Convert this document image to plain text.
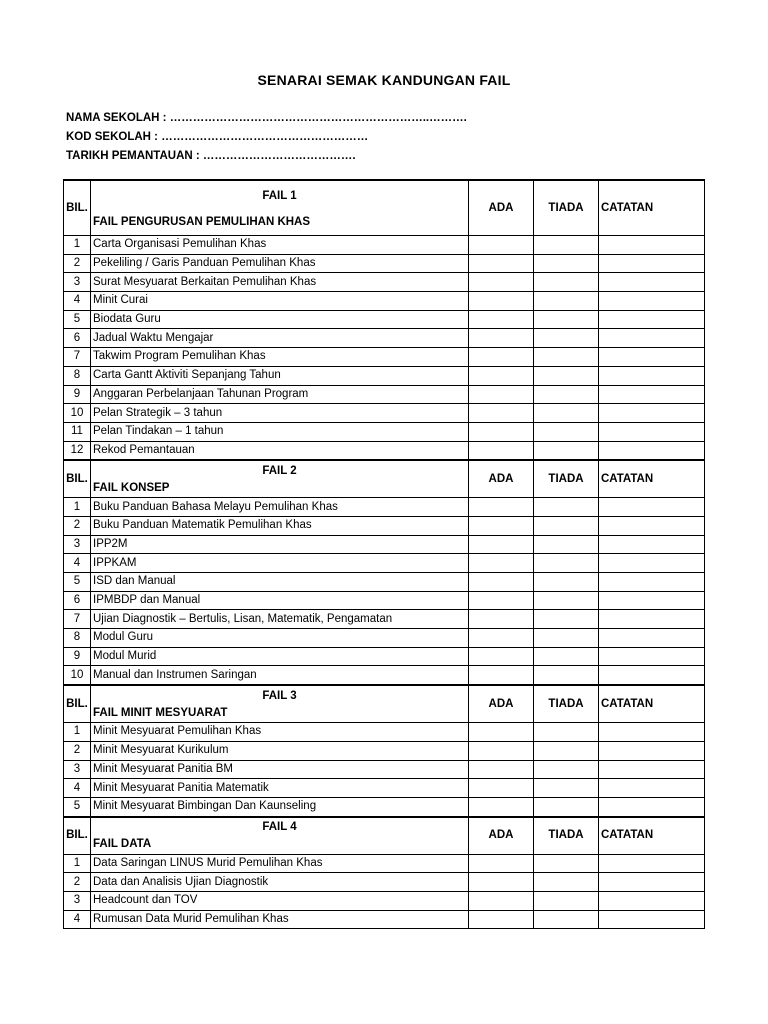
SENARAI SEMAK KANDUNGAN FAIL
NAMA SEKOLAH : …………………………………………………………..……….
KOD SEKOLAH : ………………………………………………
TARIKH PEMANTAUAN : ………………………………….
BIL.	FAIL 1
FAIL PENGURUSAN PEMULIHAN KHAS	ADA	TIADA	CATATAN
1	Carta Organisasi Pemulihan Khas			
2	Pekeliling / Garis Panduan Pemulihan Khas			
3	Surat Mesyuarat Berkaitan Pemulihan Khas			
4	Minit Curai			
5	Biodata Guru			
6	Jadual Waktu Mengajar			
7	Takwim Program Pemulihan Khas			
8	Carta Gantt Aktiviti Sepanjang Tahun			
9	Anggaran Perbelanjaan Tahunan Program			
10	Pelan Strategik – 3 tahun			
11	Pelan Tindakan – 1 tahun			
12	Rekod Pemantauan			
BIL.	FAIL 2
FAIL KONSEP	ADA	TIADA	CATATAN
1	Buku Panduan Bahasa Melayu Pemulihan Khas			
2	Buku Panduan Matematik Pemulihan Khas			
3	IPP2M			
4	IPPKAM			
5	ISD dan Manual			
6	IPMBDP dan Manual			
7	Ujian Diagnostik – Bertulis, Lisan, Matematik, Pengamatan			
8	Modul Guru			
9	Modul Murid			
10	Manual dan Instrumen Saringan			
BIL.	FAIL 3
FAIL MINIT MESYUARAT	ADA	TIADA	CATATAN
1	Minit Mesyuarat Pemulihan Khas			
2	Minit Mesyuarat Kurikulum			
3	Minit Mesyuarat Panitia BM			
4	Minit Mesyuarat Panitia Matematik			
5	Minit Mesyuarat Bimbingan Dan Kaunseling			
BIL.	FAIL 4
FAIL DATA	ADA	TIADA	CATATAN
1	Data Saringan LINUS Murid Pemulihan Khas			
2	Data dan Analisis Ujian Diagnostik			
3	Headcount dan TOV			
4	Rumusan Data Murid Pemulihan Khas			
